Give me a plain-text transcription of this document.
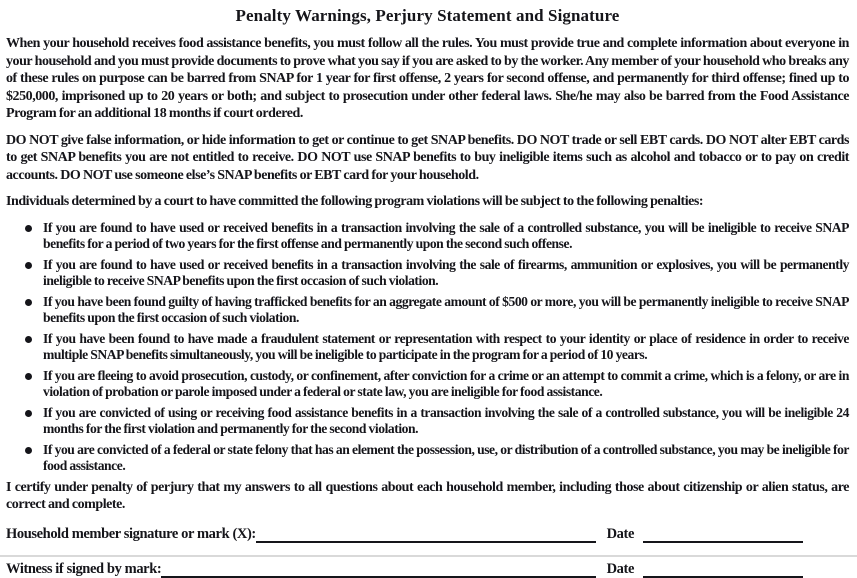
Penalty Warnings, Perjury Statement and Signature

When your household receives food assistance benefits, you must follow all the rules. You must provide true and complete information about everyone in your household and you must provide documents to prove what you say if you are asked to by the worker. Any member of your household who breaks any of these rules on purpose can be barred from SNAP for 1 year for first offense, 2 years for second offense, and permanently for third offense; fined up to $250,000, imprisoned up to 20 years or both; and subject to prosecution under other federal laws. She/he may also be barred from the Food Assistance Program for an additional 18 months if court ordered.

DO NOT give false information, or hide information to get or continue to get SNAP benefits. DO NOT trade or sell EBT cards. DO NOT alter EBT cards to get SNAP benefits you are not entitled to receive. DO NOT use SNAP benefits to buy ineligible items such as alcohol and tobacco or to pay on credit accounts. DO NOT use someone else’s SNAP benefits or EBT card for your household.

Individuals determined by a court to have committed the following program violations will be subject to the following penalties:

If you are found to have used or received benefits in a transaction involving the sale of a controlled substance, you will be ineligible to receive SNAP benefits for a period of two years for the first offense and permanently upon the second such offense.
If you are found to have used or received benefits in a transaction involving the sale of firearms, ammunition or explosives, you will be permanently ineligible to receive SNAP benefits upon the first occasion of such violation.
If you have been found guilty of having trafficked benefits for an aggregate amount of $500 or more, you will be permanently ineligible to receive SNAP benefits upon the first occasion of such violation.
If you have been found to have made a fraudulent statement or representation with respect to your identity or place of residence in order to receive multiple SNAP benefits simultaneously, you will be ineligible to participate in the program for a period of 10 years.
If you are fleeing to avoid prosecution, custody, or confinement, after conviction for a crime or an attempt to commit a crime, which is a felony, or are in violation of probation or parole imposed under a federal or state law, you are ineligible for food assistance.
If you are convicted of using or receiving food assistance benefits in a transaction involving the sale of a controlled substance, you will be ineligible 24 months for the first violation and permanently for the second violation.
If you are convicted of a federal or state felony that has an element the possession, use, or distribution of a controlled substance, you may be ineligible for food assistance.

I certify under penalty of perjury that my answers to all questions about each household member, including those about citizenship or alien status, are correct and complete.

Household member signature or mark (X):	Date
Witness if signed by mark:	Date
